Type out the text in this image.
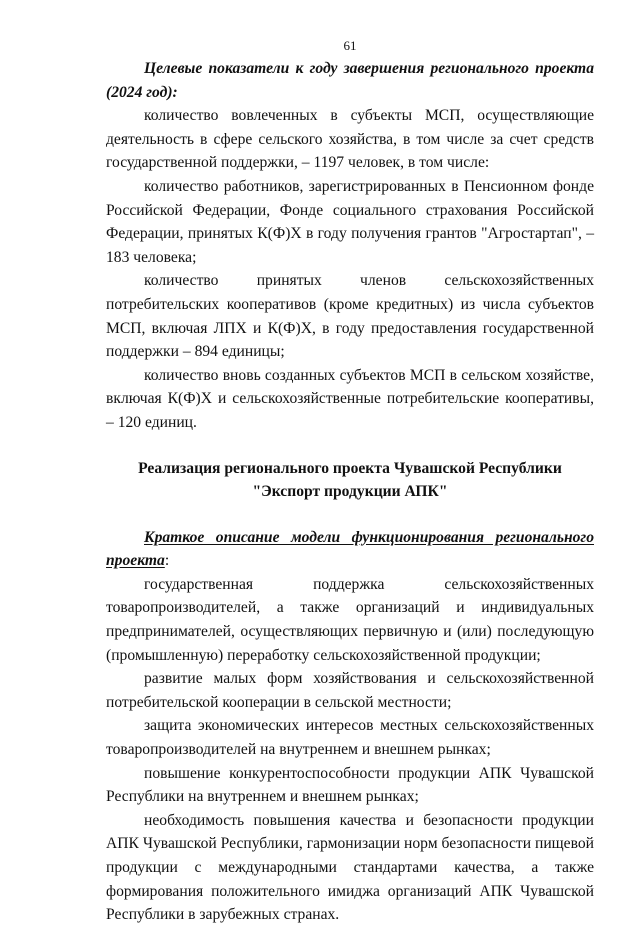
61

Целевые показатели к году завершения регионального проекта (2024 год):

количество вовлеченных в субъекты МСП, осуществляющие деятельность в сфере сельского хозяйства, в том числе за счет средств государственной поддержки, – 1197 человек, в том числе:

количество работников, зарегистрированных в Пенсионном фонде Российской Федерации, Фонде социального страхования Российской Федерации, принятых К(Ф)Х в году получения грантов "Агростартап", – 183 человека;

количество принятых членов сельскохозяйственных потребительских кооперативов (кроме кредитных) из числа субъектов МСП, включая ЛПХ и К(Ф)Х, в году предоставления государственной поддержки – 894 единицы;

количество вновь созданных субъектов МСП в сельском хозяйстве, включая К(Ф)Х и сельскохозяйственные потребительские кооперативы, – 120 единиц.

Реализация регионального проекта Чувашской Республики

"Экспорт продукции АПК"

Краткое описание модели функционирования регионального проекта:

государственная поддержка сельскохозяйственных товаропроизводителей, а также организаций и индивидуальных предпринимателей, осуществляющих первичную и (или) последующую (промышленную) переработку сельскохозяйственной продукции;

развитие малых форм хозяйствования и сельскохозяйственной потребительской кооперации в сельской местности;

защита экономических интересов местных сельскохозяйственных товаропроизводителей на внутреннем и внешнем рынках;

повышение конкурентоспособности продукции АПК Чувашской Республики на внутреннем и внешнем рынках;

необходимость повышения качества и безопасности продукции АПК Чувашской Республики, гармонизации норм безопасности пищевой продукции с международными стандартами качества, а также формирования положительного имиджа организаций АПК Чувашской Республики в зарубежных странах.
